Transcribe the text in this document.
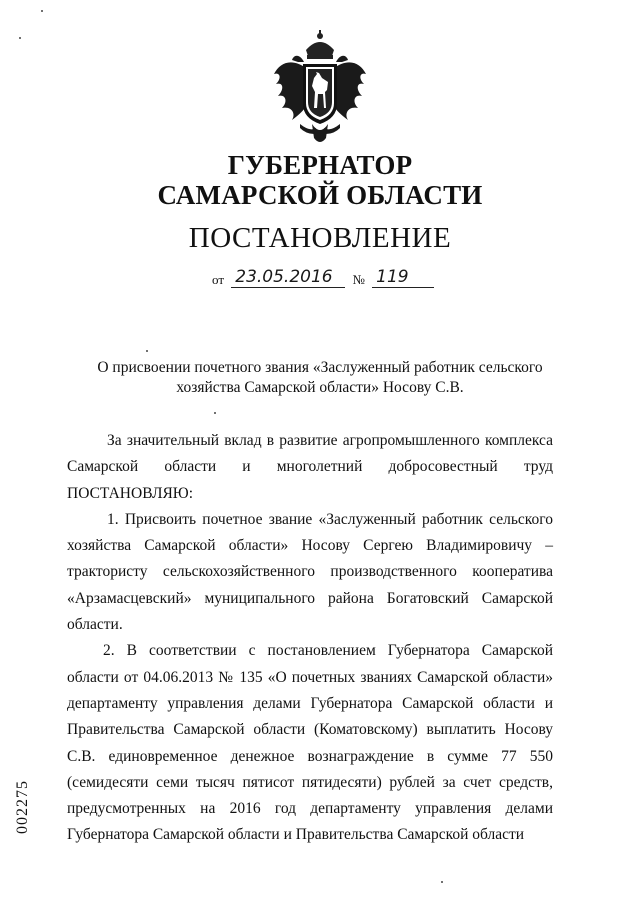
ГУБЕРНАТОР
САМАРСКОЙ ОБЛАСТИ
ПОСТАНОВЛЕНИЕ
от 23.05.2016 № 119
О присвоении почетного звания «Заслуженный работник сельского хозяйства Самарской области» Носову С.В.

За значительный вклад в развитие агропромышленного комплекса Самарской области и многолетний добросовестный труд

ПОСТАНОВЛЯЮ:

1. Присвоить почетное звание «Заслуженный работник сельского хозяйства Самарской области» Носову Сергею Владимировичу – трактористу сельскохозяйственного производственного кооператива «Арзамасцевский» муниципального района Богатовский Самарской области.

2. В соответствии с постановлением Губернатора Самарской области от 04.06.2013 № 135 «О почетных званиях Самарской области» департаменту управления делами Губернатора Самарской области и Правительства Самарской области (Коматовскому) выплатить Носову С.В. единовременное денежное вознаграждение в сумме 77 550 (семидесяти семи тысяч пятисот пятидесяти) рублей за счет средств, предусмотренных на 2016 год департаменту управления делами Губернатора Самарской области и Правительства Самарской области

002275
